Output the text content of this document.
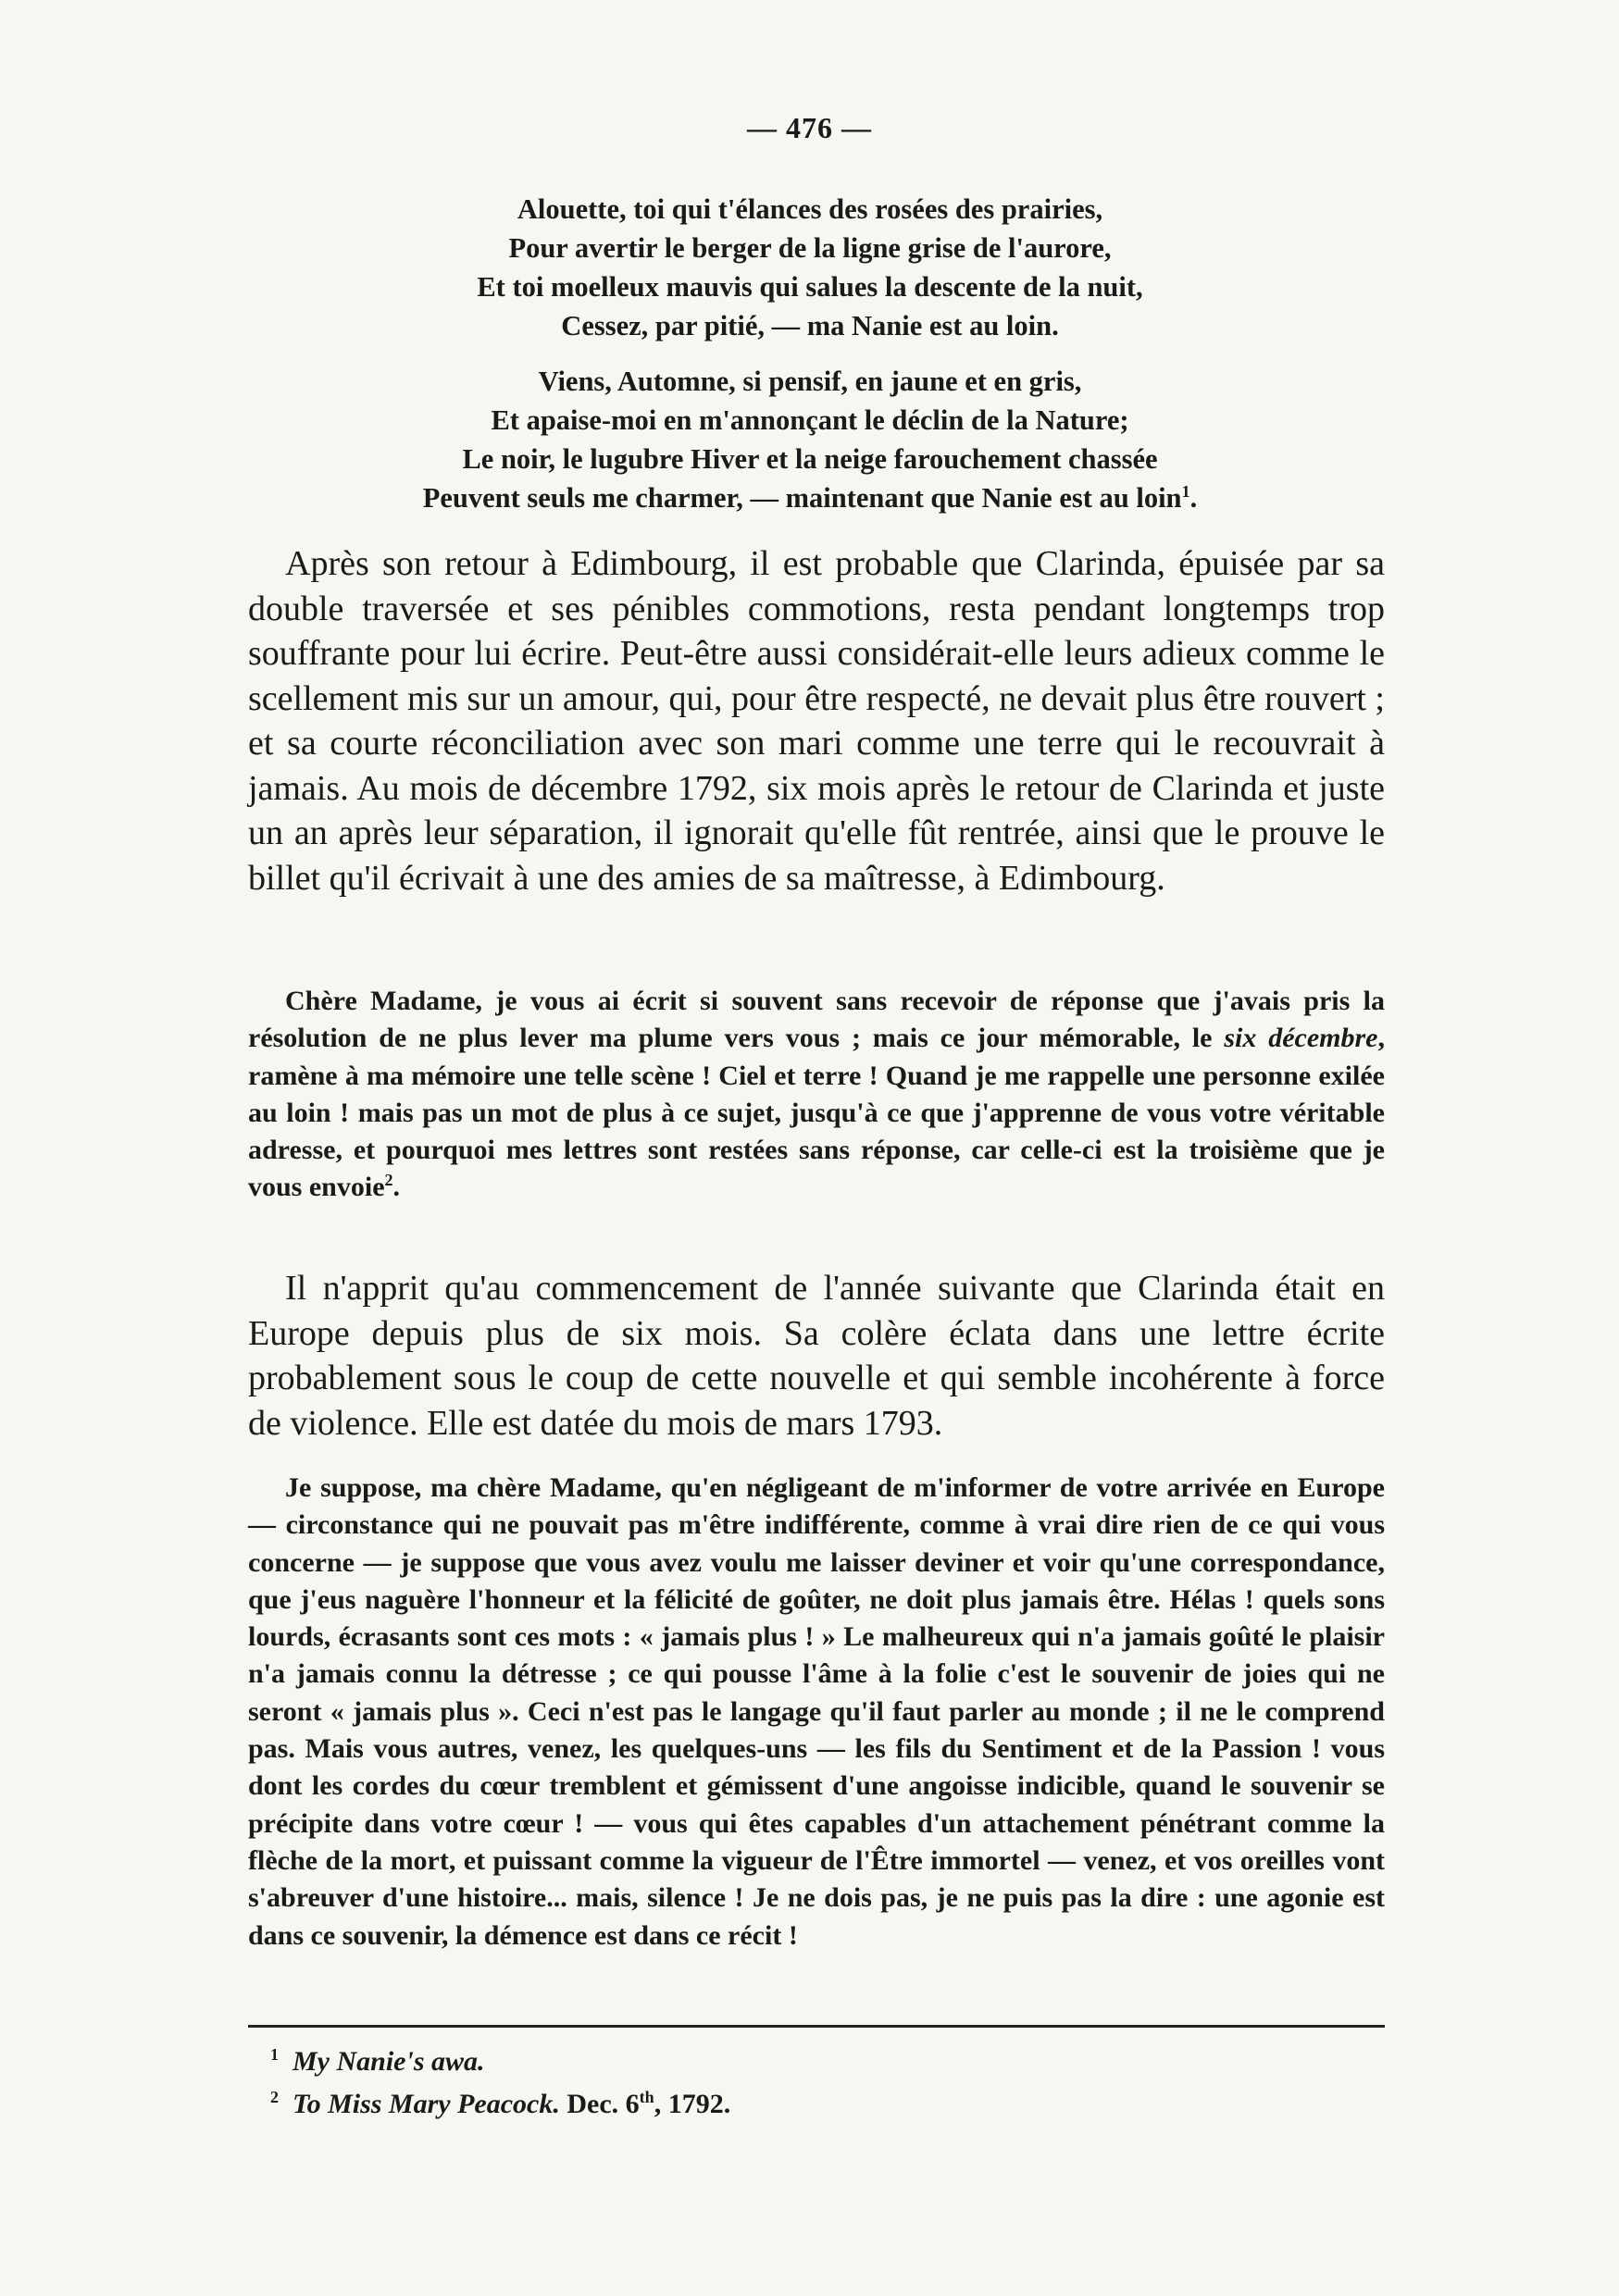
— 476 —
Alouette, toi qui t'élances des rosées des prairies,
Pour avertir le berger de la ligne grise de l'aurore,
Et toi moelleux mauvis qui salues la descente de la nuit,
Cessez, par pitié, — ma Nanie est au loin.
Viens, Automne, si pensif, en jaune et en gris,
Et apaise-moi en m'annonçant le déclin de la Nature;
Le noir, le lugubre Hiver et la neige farouchement chassée
Peuvent seuls me charmer, — maintenant que Nanie est au loin$^1$.

Après son retour à Edimbourg, il est probable que Clarinda, épuisée par sa double traversée et ses pénibles commotions, resta pendant longtemps trop souffrante pour lui écrire. Peut-être aussi considérait-elle leurs adieux comme le scellement mis sur un amour, qui, pour être respecté, ne devait plus être rouvert ; et sa courte réconciliation avec son mari comme une terre qui le recouvrait à jamais. Au mois de décembre 1792, six mois après le retour de Clarinda et juste un an après leur séparation, il ignorait qu'elle fût rentrée, ainsi que le prouve le billet qu'il écrivait à une des amies de sa maîtresse, à Edimbourg.

Chère Madame, je vous ai écrit si souvent sans recevoir de réponse que j'avais pris la résolution de ne plus lever ma plume vers vous ; mais ce jour mémorable, le six décembre, ramène à ma mémoire une telle scène ! Ciel et terre ! Quand je me rappelle une personne exilée au loin ! mais pas un mot de plus à ce sujet, jusqu'à ce que j'apprenne de vous votre véritable adresse, et pourquoi mes lettres sont restées sans réponse, car celle-ci est la troisième que je vous envoie$^2$.

Il n'apprit qu'au commencement de l'année suivante que Clarinda était en Europe depuis plus de six mois. Sa colère éclata dans une lettre écrite probablement sous le coup de cette nouvelle et qui semble incohérente à force de violence. Elle est datée du mois de mars 1793.

Je suppose, ma chère Madame, qu'en négligeant de m'informer de votre arrivée en Europe — circonstance qui ne pouvait pas m'être indifférente, comme à vrai dire rien de ce qui vous concerne — je suppose que vous avez voulu me laisser deviner et voir qu'une correspondance, que j'eus naguère l'honneur et la félicité de goûter, ne doit plus jamais être. Hélas ! quels sons lourds, écrasants sont ces mots : « jamais plus ! » Le malheureux qui n'a jamais goûté le plaisir n'a jamais connu la détresse ; ce qui pousse l'âme à la folie c'est le souvenir de joies qui ne seront « jamais plus ». Ceci n'est pas le langage qu'il faut parler au monde ; il ne le comprend pas. Mais vous autres, venez, les quelques-uns — les fils du Sentiment et de la Passion ! vous dont les cordes du cœur tremblent et gémissent d'une angoisse indicible, quand le souvenir se précipite dans votre cœur ! — vous qui êtes capables d'un attachement pénétrant comme la flèche de la mort, et puissant comme la vigueur de l'Être immortel — venez, et vos oreilles vont s'abreuver d'une histoire... mais, silence ! Je ne dois pas, je ne puis pas la dire : une agonie est dans ce souvenir, la démence est dans ce récit !

$^1$ My Nanie's awa.
$^2$ To Miss Mary Peacock. Dec. 6th, 1792.
